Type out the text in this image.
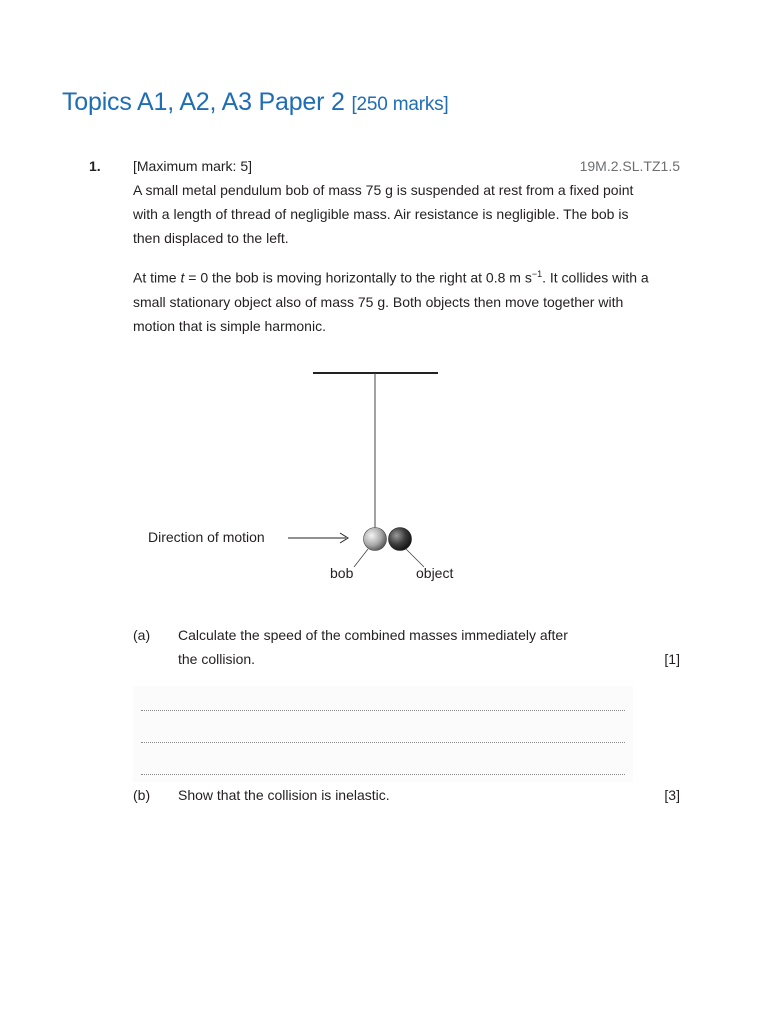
Topics A1, A2, A3 Paper 2 [250 marks]
1. [Maximum mark: 5]	19M.2.SL.TZ1.5

A small metal pendulum bob of mass 75 g is suspended at rest from a fixed point with a length of thread of negligible mass. Air resistance is negligible. The bob is then displaced to the left.

At time t = 0 the bob is moving horizontally to the right at 0.8 m $s^{-1}$. It collides with a small stationary object also of mass 75 g. Both objects then move together with motion that is simple harmonic.

Direction of motion
bob	object
(a) Calculate the speed of the combined masses immediately after
the collision.	[1]
(b) Show that the collision is inelastic.	[3]
